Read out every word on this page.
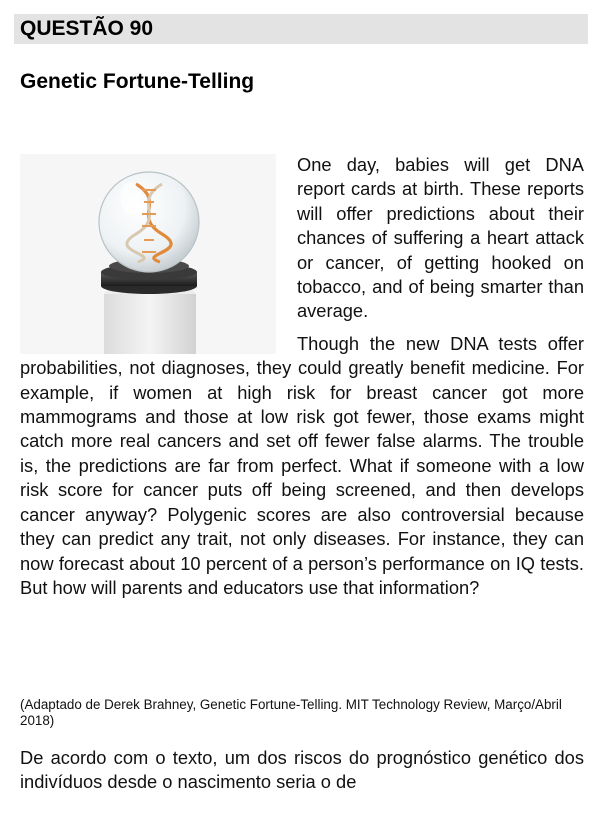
QUESTÃO 90
Genetic Fortune-Telling

One day, babies will get DNA report cards at birth. These reports will offer predictions about their chances of suffering a heart attack or cancer, of getting hooked on tobacco, and of being smarter than average.

Though the new DNA tests offer probabilities, not diagnoses, they could greatly benefit medicine. For example, if women at high risk for breast cancer got more mammograms and those at low risk got fewer, those exams might catch more real cancers and set off fewer false alarms. The trouble is, the predictions are far from perfect. What if someone with a low risk score for cancer puts off being screened, and then develops cancer anyway? Polygenic scores are also controversial because they can predict any trait, not only diseases. For instance, they can now forecast about 10 percent of a person’s performance on IQ tests. But how will parents and educators use that information?

(Adaptado de Derek Brahney, Genetic Fortune-Telling. MIT Technology Review, Março/Abril 2018)
De acordo com o texto, um dos riscos do prognóstico genético dos indivíduos desde o nascimento seria o de
